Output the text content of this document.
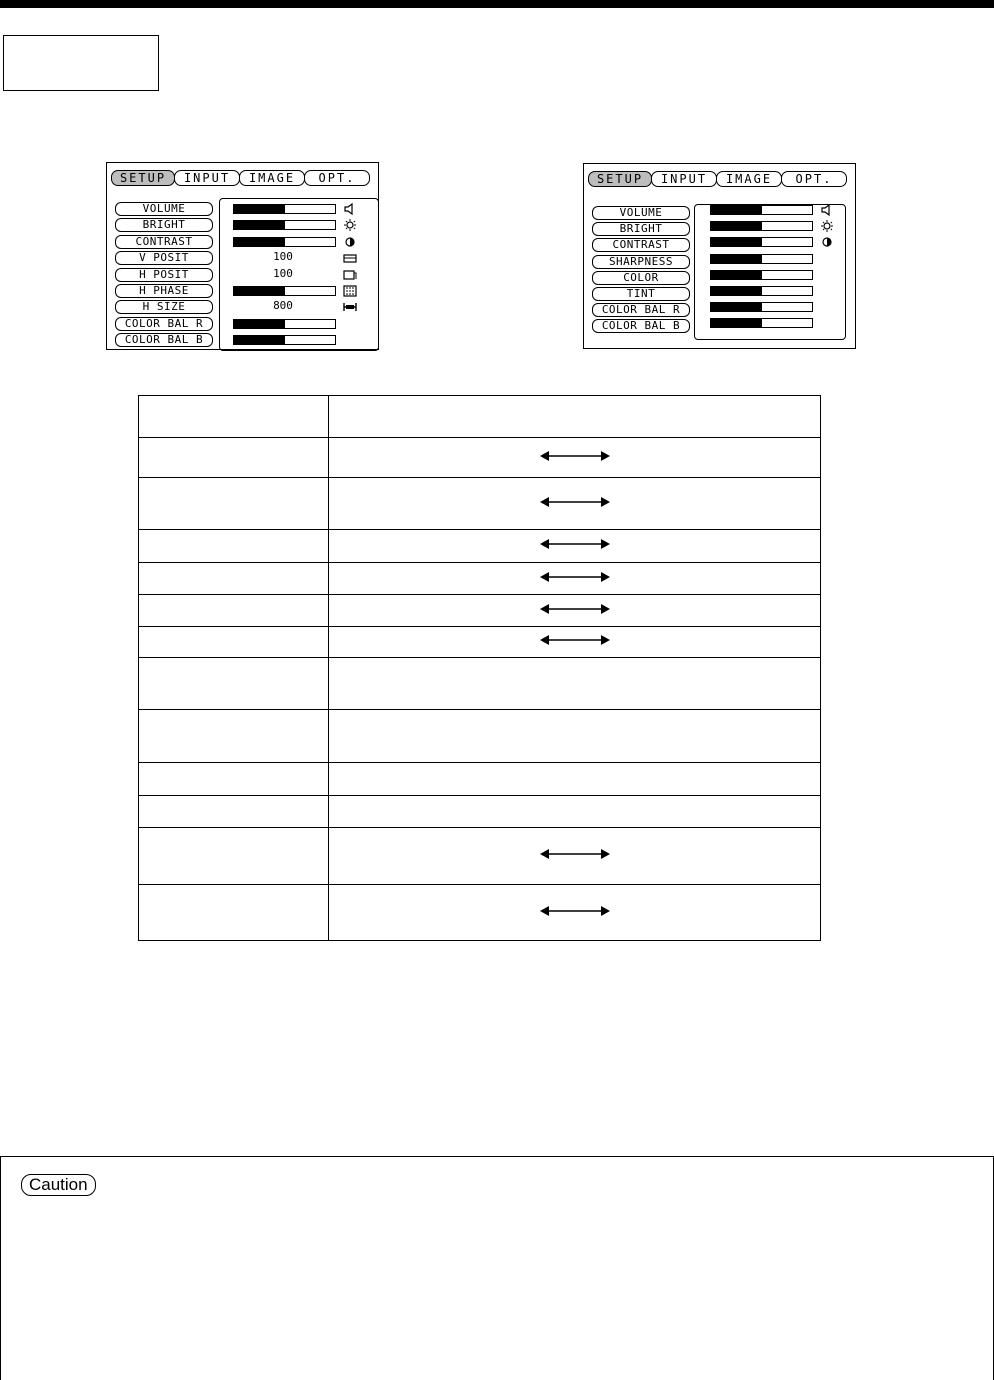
SETUP	INPUT	IMAGE	OPT.
VOLUME
BRIGHT
CONTRAST
V POSIT
H POSIT
H PHASE
H SIZE
COLOR BAL R
COLOR BAL B
100
100
800
SETUP	INPUT	IMAGE	OPT.
VOLUME
BRIGHT
CONTRAST
SHARPNESS
COLOR
TINT
COLOR BAL R
COLOR BAL B

Caution
